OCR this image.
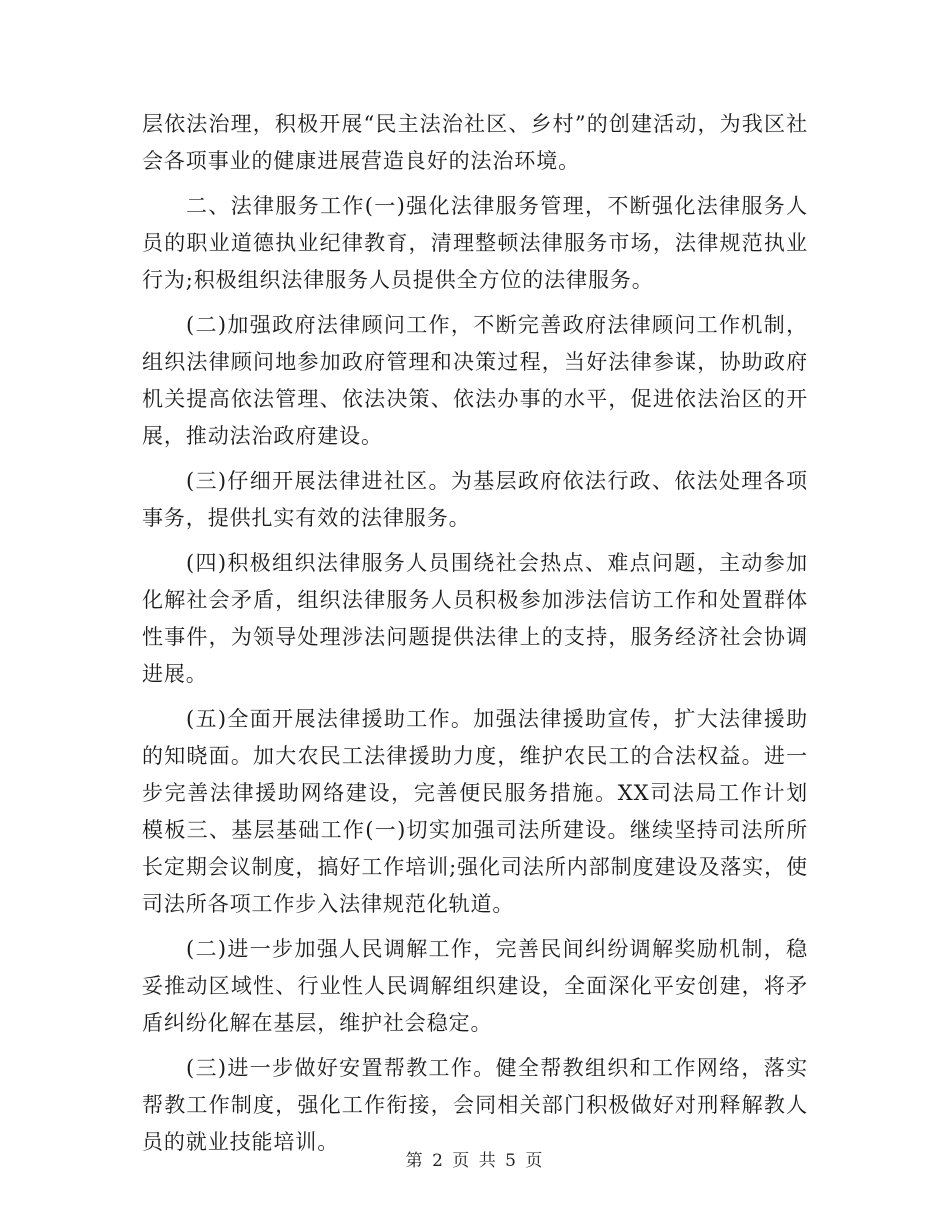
层依法治理，积极开展“民主法治社区、乡村”的创建活动，为我区社会各项事业的健康进展营造良好的法治环境。

二、法律服务工作(一)强化法律服务管理，不断强化法律服务人员的职业道德执业纪律教育，清理整顿法律服务市场，法律规范执业行为;积极组织法律服务人员提供全方位的法律服务。

(二)加强政府法律顾问工作，不断完善政府法律顾问工作机制，组织法律顾问地参加政府管理和决策过程，当好法律参谋，协助政府机关提高依法管理、依法决策、依法办事的水平，促进依法治区的开展，推动法治政府建设。

(三)仔细开展法律进社区。为基层政府依法行政、依法处理各项事务，提供扎实有效的法律服务。

(四)积极组织法律服务人员围绕社会热点、难点问题，主动参加化解社会矛盾，组织法律服务人员积极参加涉法信访工作和处置群体性事件，为领导处理涉法问题提供法律上的支持，服务经济社会协调进展。

(五)全面开展法律援助工作。加强法律援助宣传，扩大法律援助的知晓面。加大农民工法律援助力度，维护农民工的合法权益。进一步完善法律援助网络建设，完善便民服务措施。XX司法局工作计划模板三、基层基础工作(一)切实加强司法所建设。继续坚持司法所所长定期会议制度，搞好工作培训;强化司法所内部制度建设及落实，使司法所各项工作步入法律规范化轨道。

(二)进一步加强人民调解工作，完善民间纠纷调解奖励机制，稳妥推动区域性、行业性人民调解组织建设，全面深化平安创建，将矛盾纠纷化解在基层，维护社会稳定。

(三)进一步做好安置帮教工作。健全帮教组织和工作网络，落实帮教工作制度，强化工作衔接，会同相关部门积极做好对刑释解教人员的就业技能培训。

第 2 页 共 5 页
